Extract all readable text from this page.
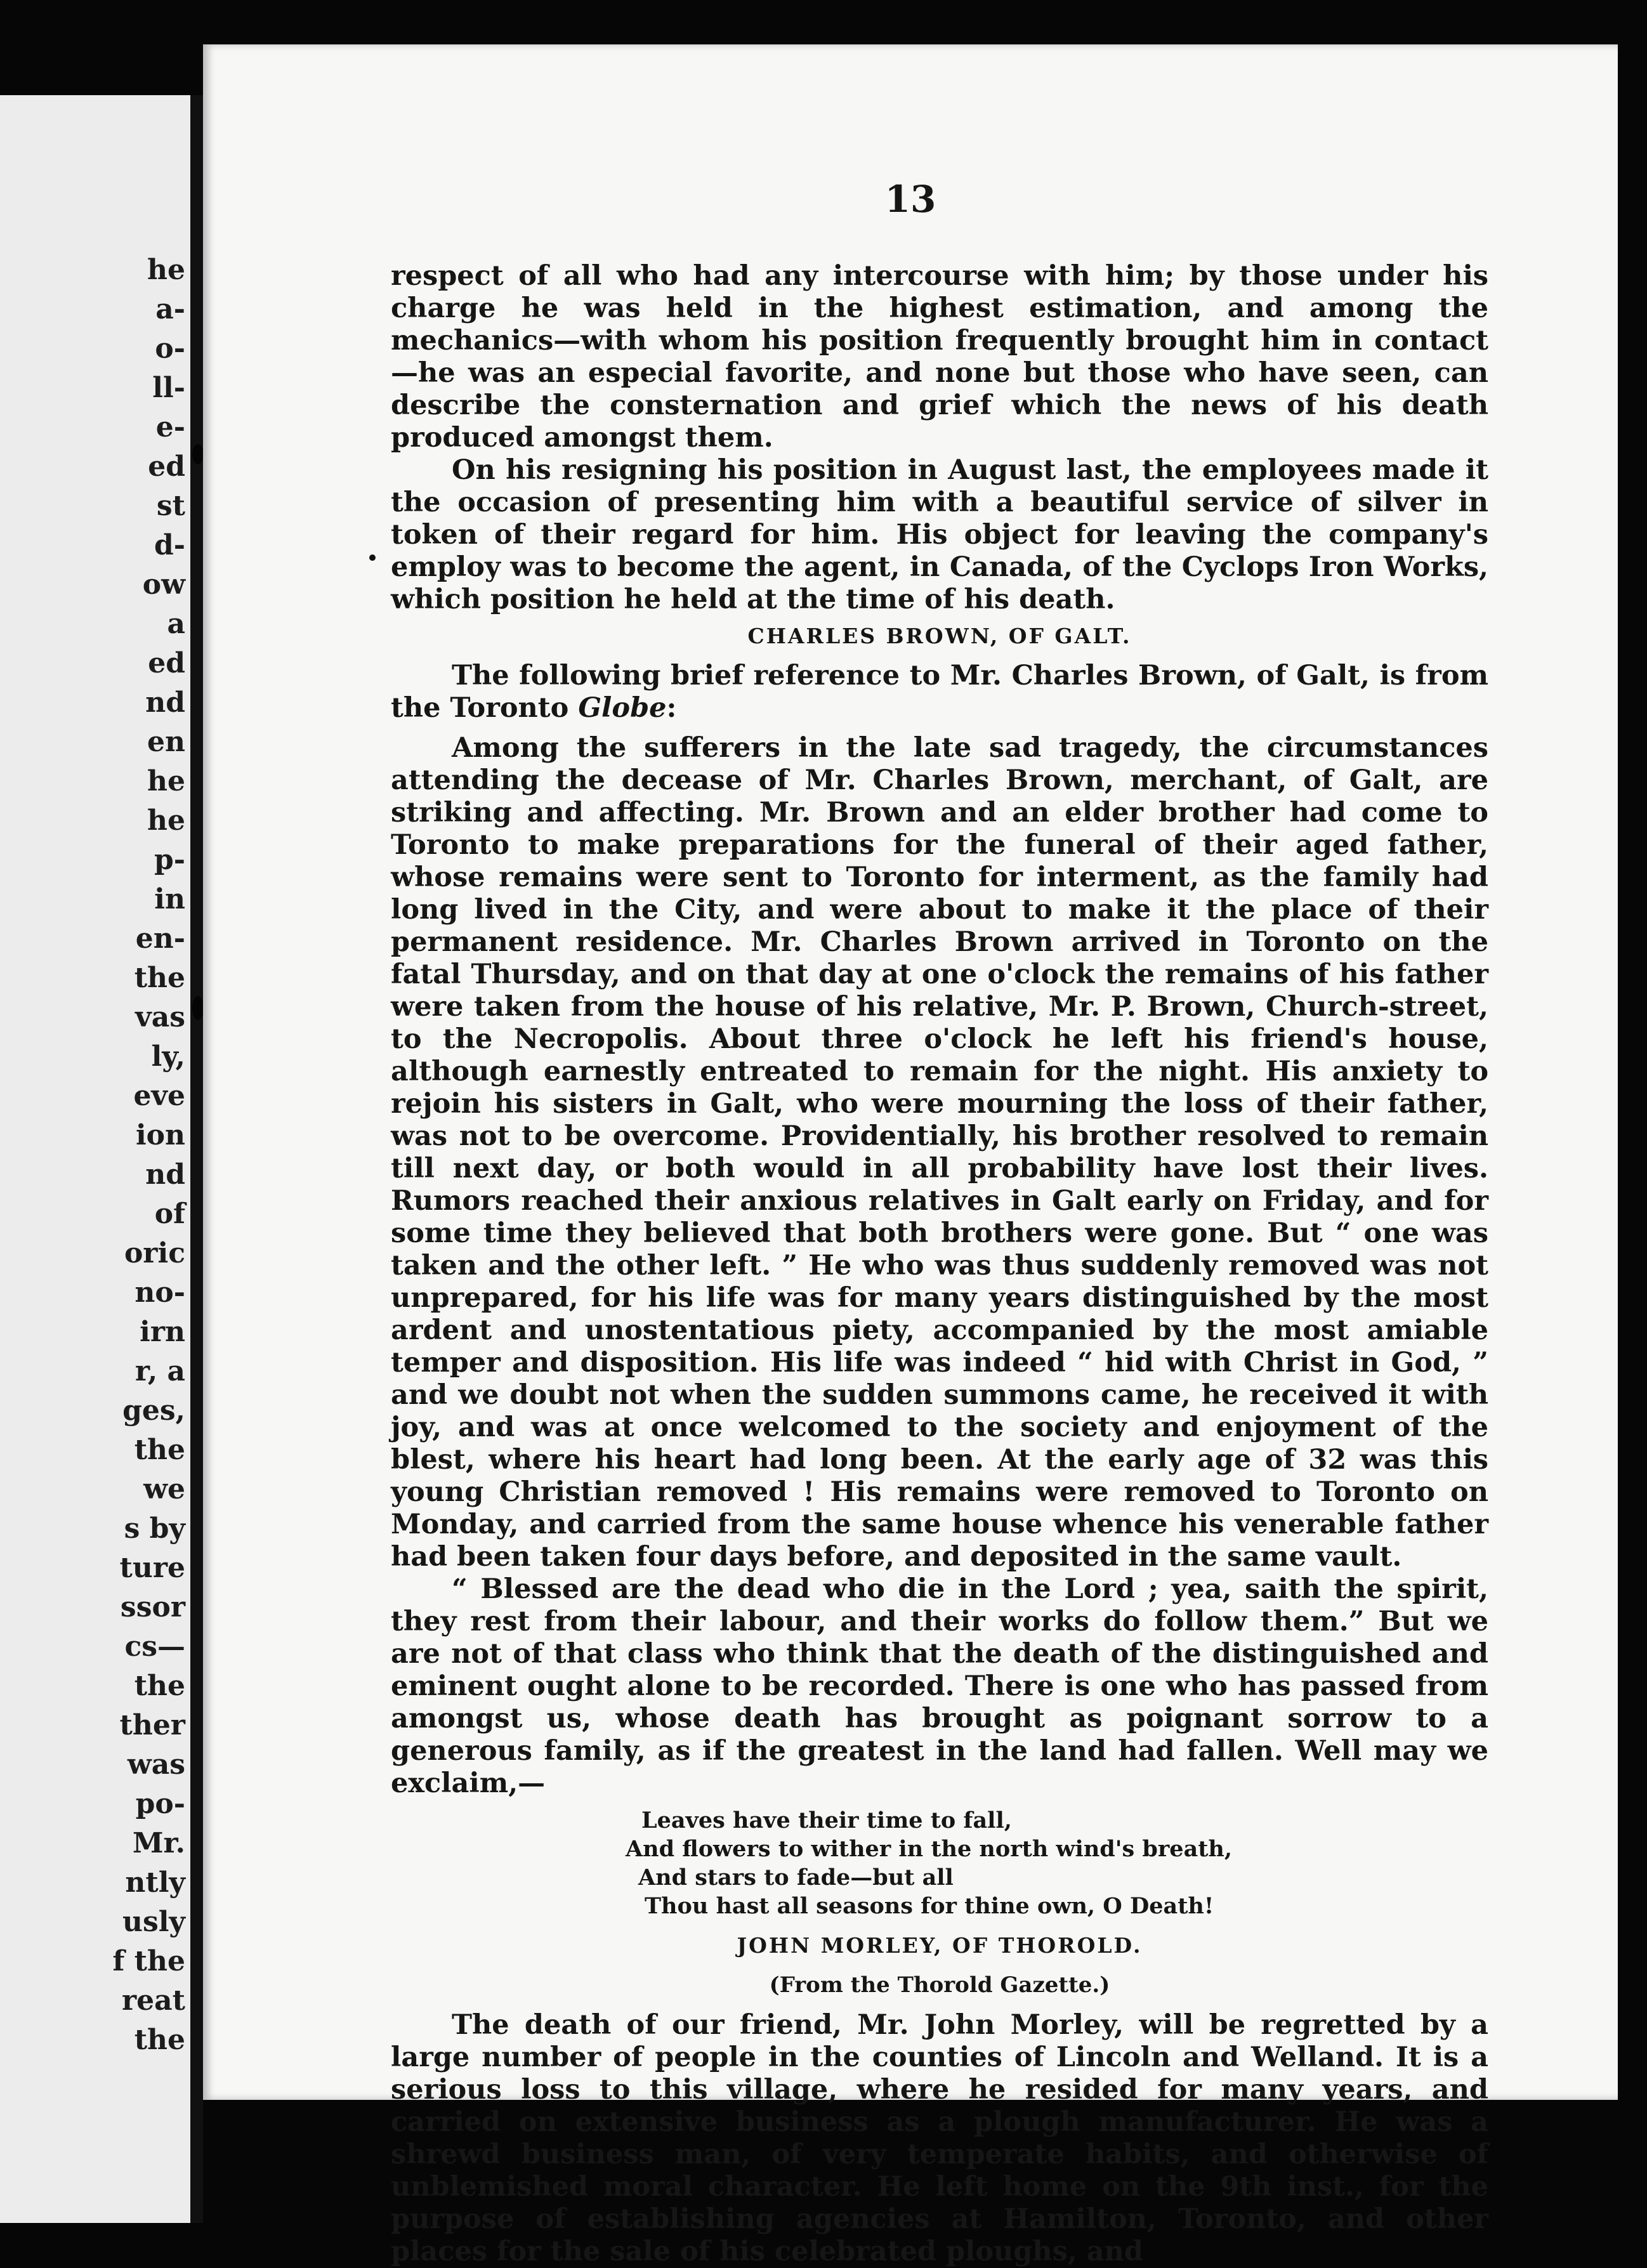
he
a-
o-
ll-
e-
ed
st
d-
ow
a
ed
nd
en
he
he
p-
in
en-
the
vas
ly,
eve
ion
nd
of
oric
no-
irn
r, a
ges,
the
we
s by
ture
ssor
cs—
the
ther
was
po-
Mr.
ntly
usly
f the
reat
the
13

respect of all who had any intercourse with him; by those under his charge he was held in the highest estimation, and among the mechanics—with whom his position frequently brought him in contact—he was an especial favorite, and none but those who have seen, can describe the consternation and grief which the news of his death produced amongst them.

On his resigning his position in August last, the employees made it the occasion of presenting him with a beautiful service of silver in token of their regard for him. His object for leaving the company's employ was to become the agent, in Canada, of the Cyclops Iron Works, which position he held at the time of his death.

CHARLES BROWN, OF GALT.

The following brief reference to Mr. Charles Brown, of Galt, is from the Toronto Globe:

Among the sufferers in the late sad tragedy, the circumstances attending the decease of Mr. Charles Brown, merchant, of Galt, are striking and affecting. Mr. Brown and an elder brother had come to Toronto to make preparations for the funeral of their aged father, whose remains were sent to Toronto for interment, as the family had long lived in the City, and were about to make it the place of their permanent residence. Mr. Charles Brown arrived in Toronto on the fatal Thursday, and on that day at one o'clock the remains of his father were taken from the house of his relative, Mr. P. Brown, Church-street, to the Necropolis. About three o'clock he left his friend's house, although earnestly entreated to remain for the night. His anxiety to rejoin his sisters in Galt, who were mourning the loss of their father, was not to be overcome. Providentially, his brother resolved to remain till next day, or both would in all probability have lost their lives. Rumors reached their anxious relatives in Galt early on Friday, and for some time they believed that both brothers were gone. But “ one was taken and the other left. ” He who was thus suddenly removed was not unprepared, for his life was for many years distinguished by the most ardent and unostentatious piety, accompanied by the most amiable temper and disposition. His life was indeed “ hid with Christ in God, ” and we doubt not when the sudden summons came, he received it with joy, and was at once welcomed to the society and enjoyment of the blest, where his heart had long been. At the early age of 32 was this young Christian removed ! His remains were removed to Toronto on Monday, and carried from the same house whence his venerable father had been taken four days before, and deposited in the same vault.

“ Blessed are the dead who die in the Lord ; yea, saith the spirit, they rest from their labour, and their works do follow them.” But we are not of that class who think that the death of the distinguished and eminent ought alone to be recorded. There is one who has passed from amongst us, whose death has brought as poignant sorrow to a generous family, as if the greatest in the land had fallen. Well may we exclaim,—

Leaves have their time to fall,
And flowers to wither in the north wind's breath,
And stars to fade—but all
Thou hast all seasons for thine own, O Death!
JOHN MORLEY, OF THOROLD.
(From the Thorold Gazette.)

The death of our friend, Mr. John Morley, will be regretted by a large number of people in the counties of Lincoln and Welland. It is a serious loss to this village, where he resided for many years, and carried on extensive business as a plough manufacturer. He was a shrewd business man, of very temperate habits, and otherwise of unblemished moral character. He left home on the 9th inst., for the purpose of establishing agencies at Hamilton, Toronto, and other places for the sale of his celebrated ploughs, and
